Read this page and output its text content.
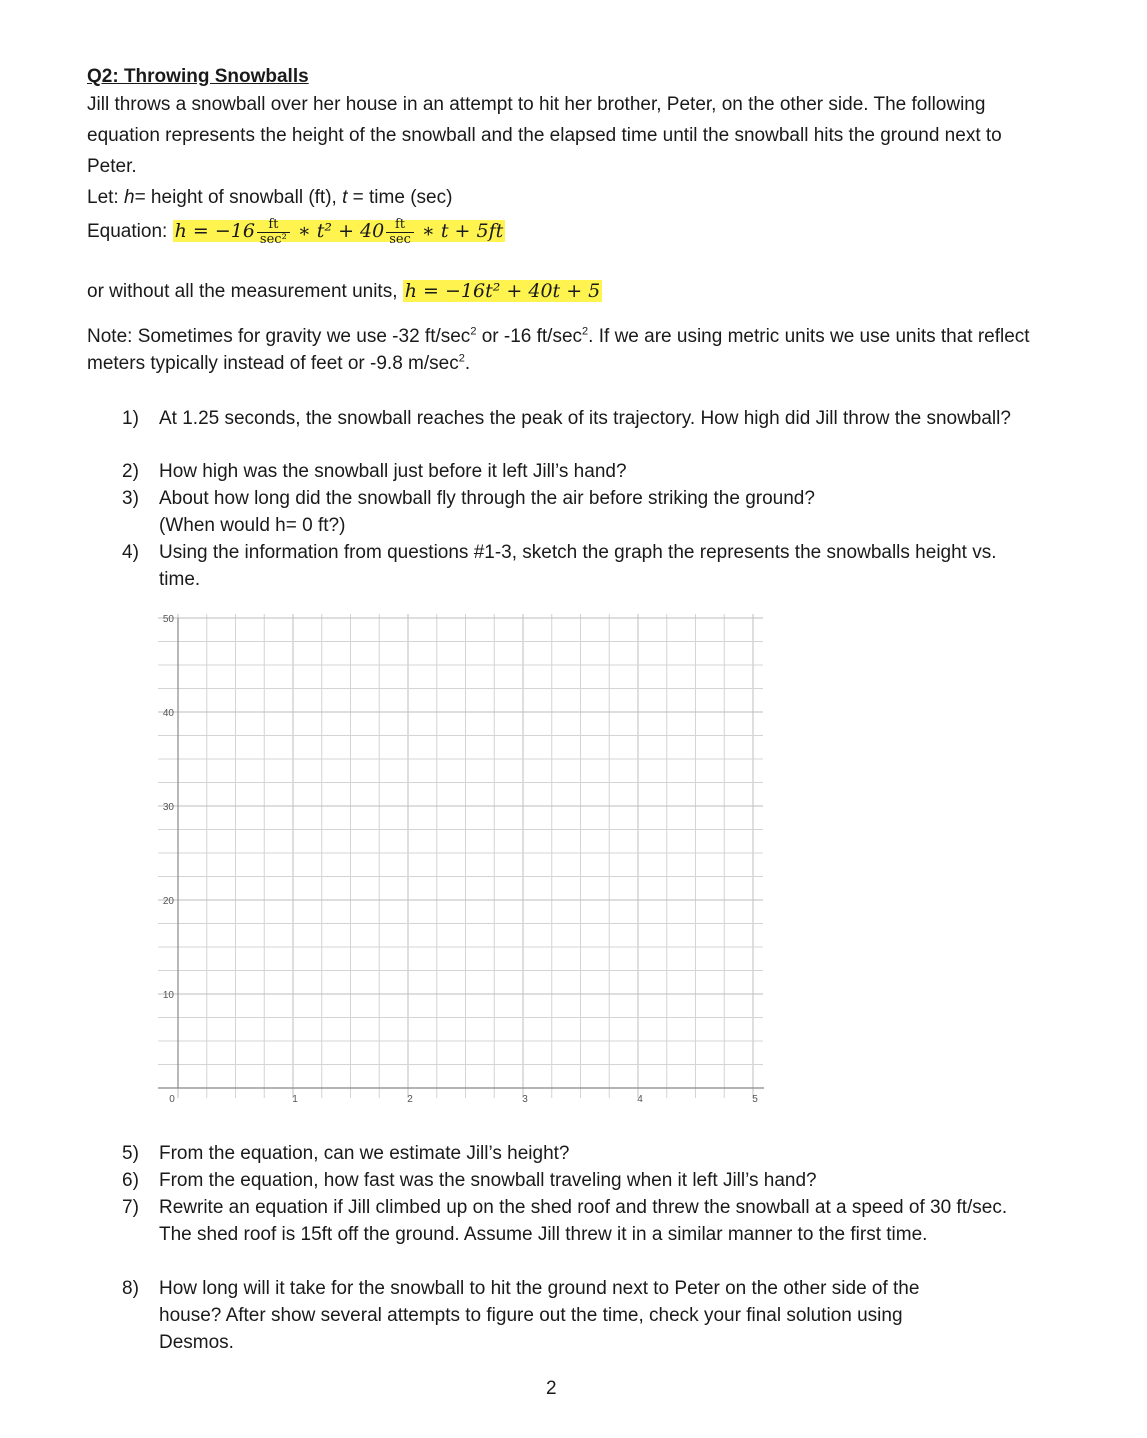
Q2: Throwing Snowballs
Jill throws a snowball over her house in an attempt to hit her brother, Peter, on the other side. The following equation represents the height of the snowball and the elapsed time until the snowball hits the ground next to Peter.
Let: h= height of snowball (ft), t = time (sec)
Equation: $h = -16 \frac{ft}{\text{sec²}}$ ∗ $t^2 + 40 \frac{ft}{\sec}$ ∗ t + 5ft
or without all the measurement units, h = −16t² + 40t + 5
Note: Sometimes for gravity we use -32 $ft/\sec^2$ or -16 $ft/\sec^2$. If we are using metric units we use units that reflect meters typically instead of feet or -9.8 $m/\sec^2$.
1)	At 1.25 seconds, the snowball reaches the peak of its trajectory. How high did Jill throw the snowball?
2)	How high was the snowball just before it left Jill’s hand?
3)	About how long did the snowball fly through the air before striking the ground?
(When would h= 0 ft?)
4)	Using the information from questions #1-3, sketch the graph the represents the snowballs height vs. time.
1	2	3	4	5
10
20
30
40
50
0
5)	From the equation, can we estimate Jill’s height?
6)	From the equation, how fast was the snowball traveling when it left Jill’s hand?
7)	Rewrite an equation if Jill climbed up on the shed roof and threw the snowball at a speed of 30 ft/sec. The shed roof is 15ft off the ground. Assume Jill threw it in a similar manner to the first time.
8)	How long will it take for the snowball to hit the ground next to Peter on the other side of the house? After show several attempts to figure out the time, check your final solution using Desmos.
2
